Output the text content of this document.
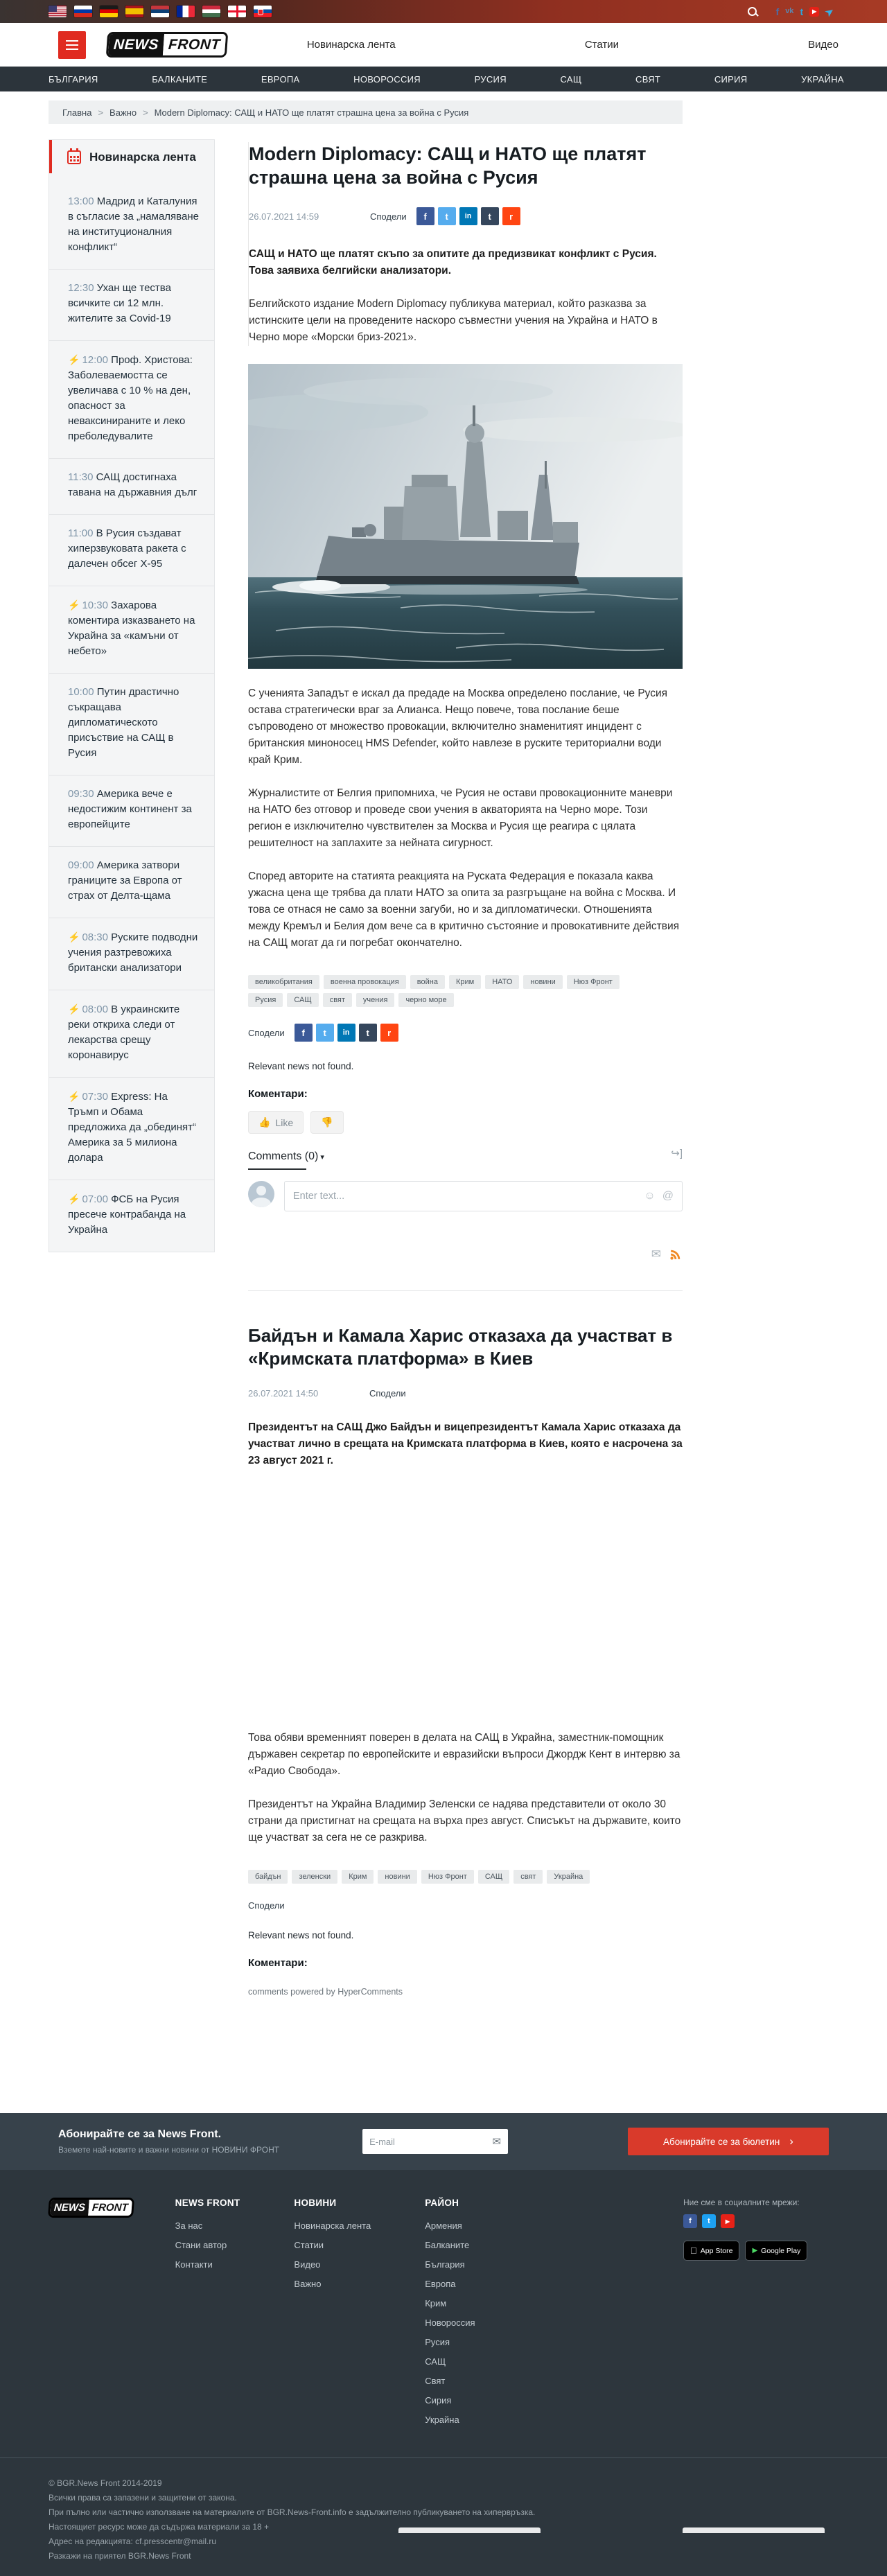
f vk t	▶ ➤
NEWS FRONT	Новинарска лента	Статии	Видео
БЪЛГАРИЯ	БАЛКАНИТЕ	ЕВРОПА	НОВОРОССИЯ	РУСИЯ	САЩ	СВЯТ	СИРИЯ	УКРАЙНА
Главна > Важно > Modern Diplomacy: САЩ и НАТО ще платят страшна цена за война с Русия
Новинарска лента
13:00 Мадрид и Каталуния в съгласие за „намаляване на институционалния конфликт“
12:30 Ухан ще тества всичките си 12 млн. жителите за Covid-19
⚡ 12:00 Проф. Христова: Заболеваемостта се увеличава с 10 % на ден, опасност за неваксинираните и леко преболедувалите
11:30 САЩ достигнаха тавана на държавния дълг
11:00 В Русия създават хиперзвуковата ракета с далечен обсег Х-95
⚡ 10:30 Захарова коментира изказването на Украйна за «камъни от небето»
10:00 Путин драстично съкращава дипломатическото присъствие на САЩ в Русия
09:30 Америка вече е недостижим континент за европейците
09:00 Америка затвори границите за Европа от страх от Делта-щама
⚡ 08:30 Руските подводни учения разтревожиха британски анализатори
⚡ 08:00 В украинските реки откриха следи от лекарства срещу коронавирус
⚡ 07:30 Express: На Тръмп и Обама предложиха да „обединят“ Америка за 5 милиона долара
⚡ 07:00 ФСБ на Русия пресече контрабанда на Украйна
Modern Diplomacy: САЩ и НАТО ще платят страшна цена за война с Русия
26.07.2021 14:59	Сподели	f	t	in	t	r

САЩ и НАТО ще платят скъпо за опитите да предизвикат конфликт с Русия. Това заявиха белгийски анализатори.

Белгийското издание Modern Diplomacy публикува материал, който разказва за истинските цели на проведените наскоро съвместни учения на Украйна и НАТО в Черно море «Морски бриз-2021».

С ученията Западът е искал да предаде на Москва определено послание, че Русия остава стратегически враг за Алианса. Нещо повече, това послание беше съпроводено от множество провокации, включително знаменитият инцидент с британския миноносец HMS Defender, който навлезе в руските териториални води край Крим.

Журналистите от Белгия припомниха, че Русия не остави провокационните маневри на НАТО без отговор и проведе свои учения в акваторията на Черно море. Този регион е изключително чувствителен за Москва и Русия ще реагира с цялата решителност на заплахите за нейната сигурност.

Според авторите на статията реакцията на Руската Федерация е показала каква ужасна цена ще трябва да плати НАТО за опита за разгръщане на война с Москва. И това се отнася не само за военни загуби, но и за дипломатически. Отношенията между Кремъл и Белия дом вече са в критично състояние и провокативните действия на САЩ могат да ги погребат окончателно.

великобритания	военна провокация	война	Крим	НАТО	новини	Нюз Фронт
Русия	САЩ	свят	учения	черно море
Сподели	f	t	in	t	r
Relevant news not found.
Коментари:
↪]
👍 Like	👎
Comments (0) ▾
Enter text...	☺ @
✉
Байдън и Камала Харис отказаха да участват в «Кримската платформа» в Киев
26.07.2021 14:50	Сподели

Президентът на САЩ Джо Байдън и вицепрезидентът Камала Харис отказаха да участват лично в срещата на Кримската платформа в Киев, която е насрочена за 23 август 2021 г.

Това обяви временният поверен в делата на САЩ в Украйна, заместник-помощник държавен секретар по европейските и евразийски въпроси Джордж Кент в интервю за «Радио Свобода».

Президентът на Украйна Владимир Зеленски се надява представители от около 30 страни да пристигнат на срещата на върха през август. Списъкът на държавите, които ще участват за сега не се разкрива.

байдън	зеленски	Крим	новини	Нюз Фронт	САЩ	свят	Украйна
Сподели
Relevant news not found.
Коментари:
comments powered by HyperComments
Абонирайте се за News Front.
Вземете най-новите и важни новини от НОВИНИ ФРОНТ
E-mail	✉	Абонирайте се за бюлетин ›
NEWS FRONT	NEWS FRONT
За нас
Стани автор
Контакти
НОВИНИ
Новинарска лента
Статии
Видео
Важно
РАЙОН
Армения
Балканите
България
Европа
Крим
Новороссия
Русия
САЩ
Свят
Сирия
Украйна
Ние сме в социалните мрежи:
f	t	▶
App Store	▶ Google Play
© BGR.News Front 2014-2019
Всички права са запазени и защитени от закона.
При пълно или частично използване на материалите от BGR.News-Front.info е задължително публикуването на хипервръзка.
Настоящиет ресурс може да съдържа материали за 18 +
Адрес на редакцията: cf.presscentr@mail.ru
Разкажи на приятел BGR.News Front
